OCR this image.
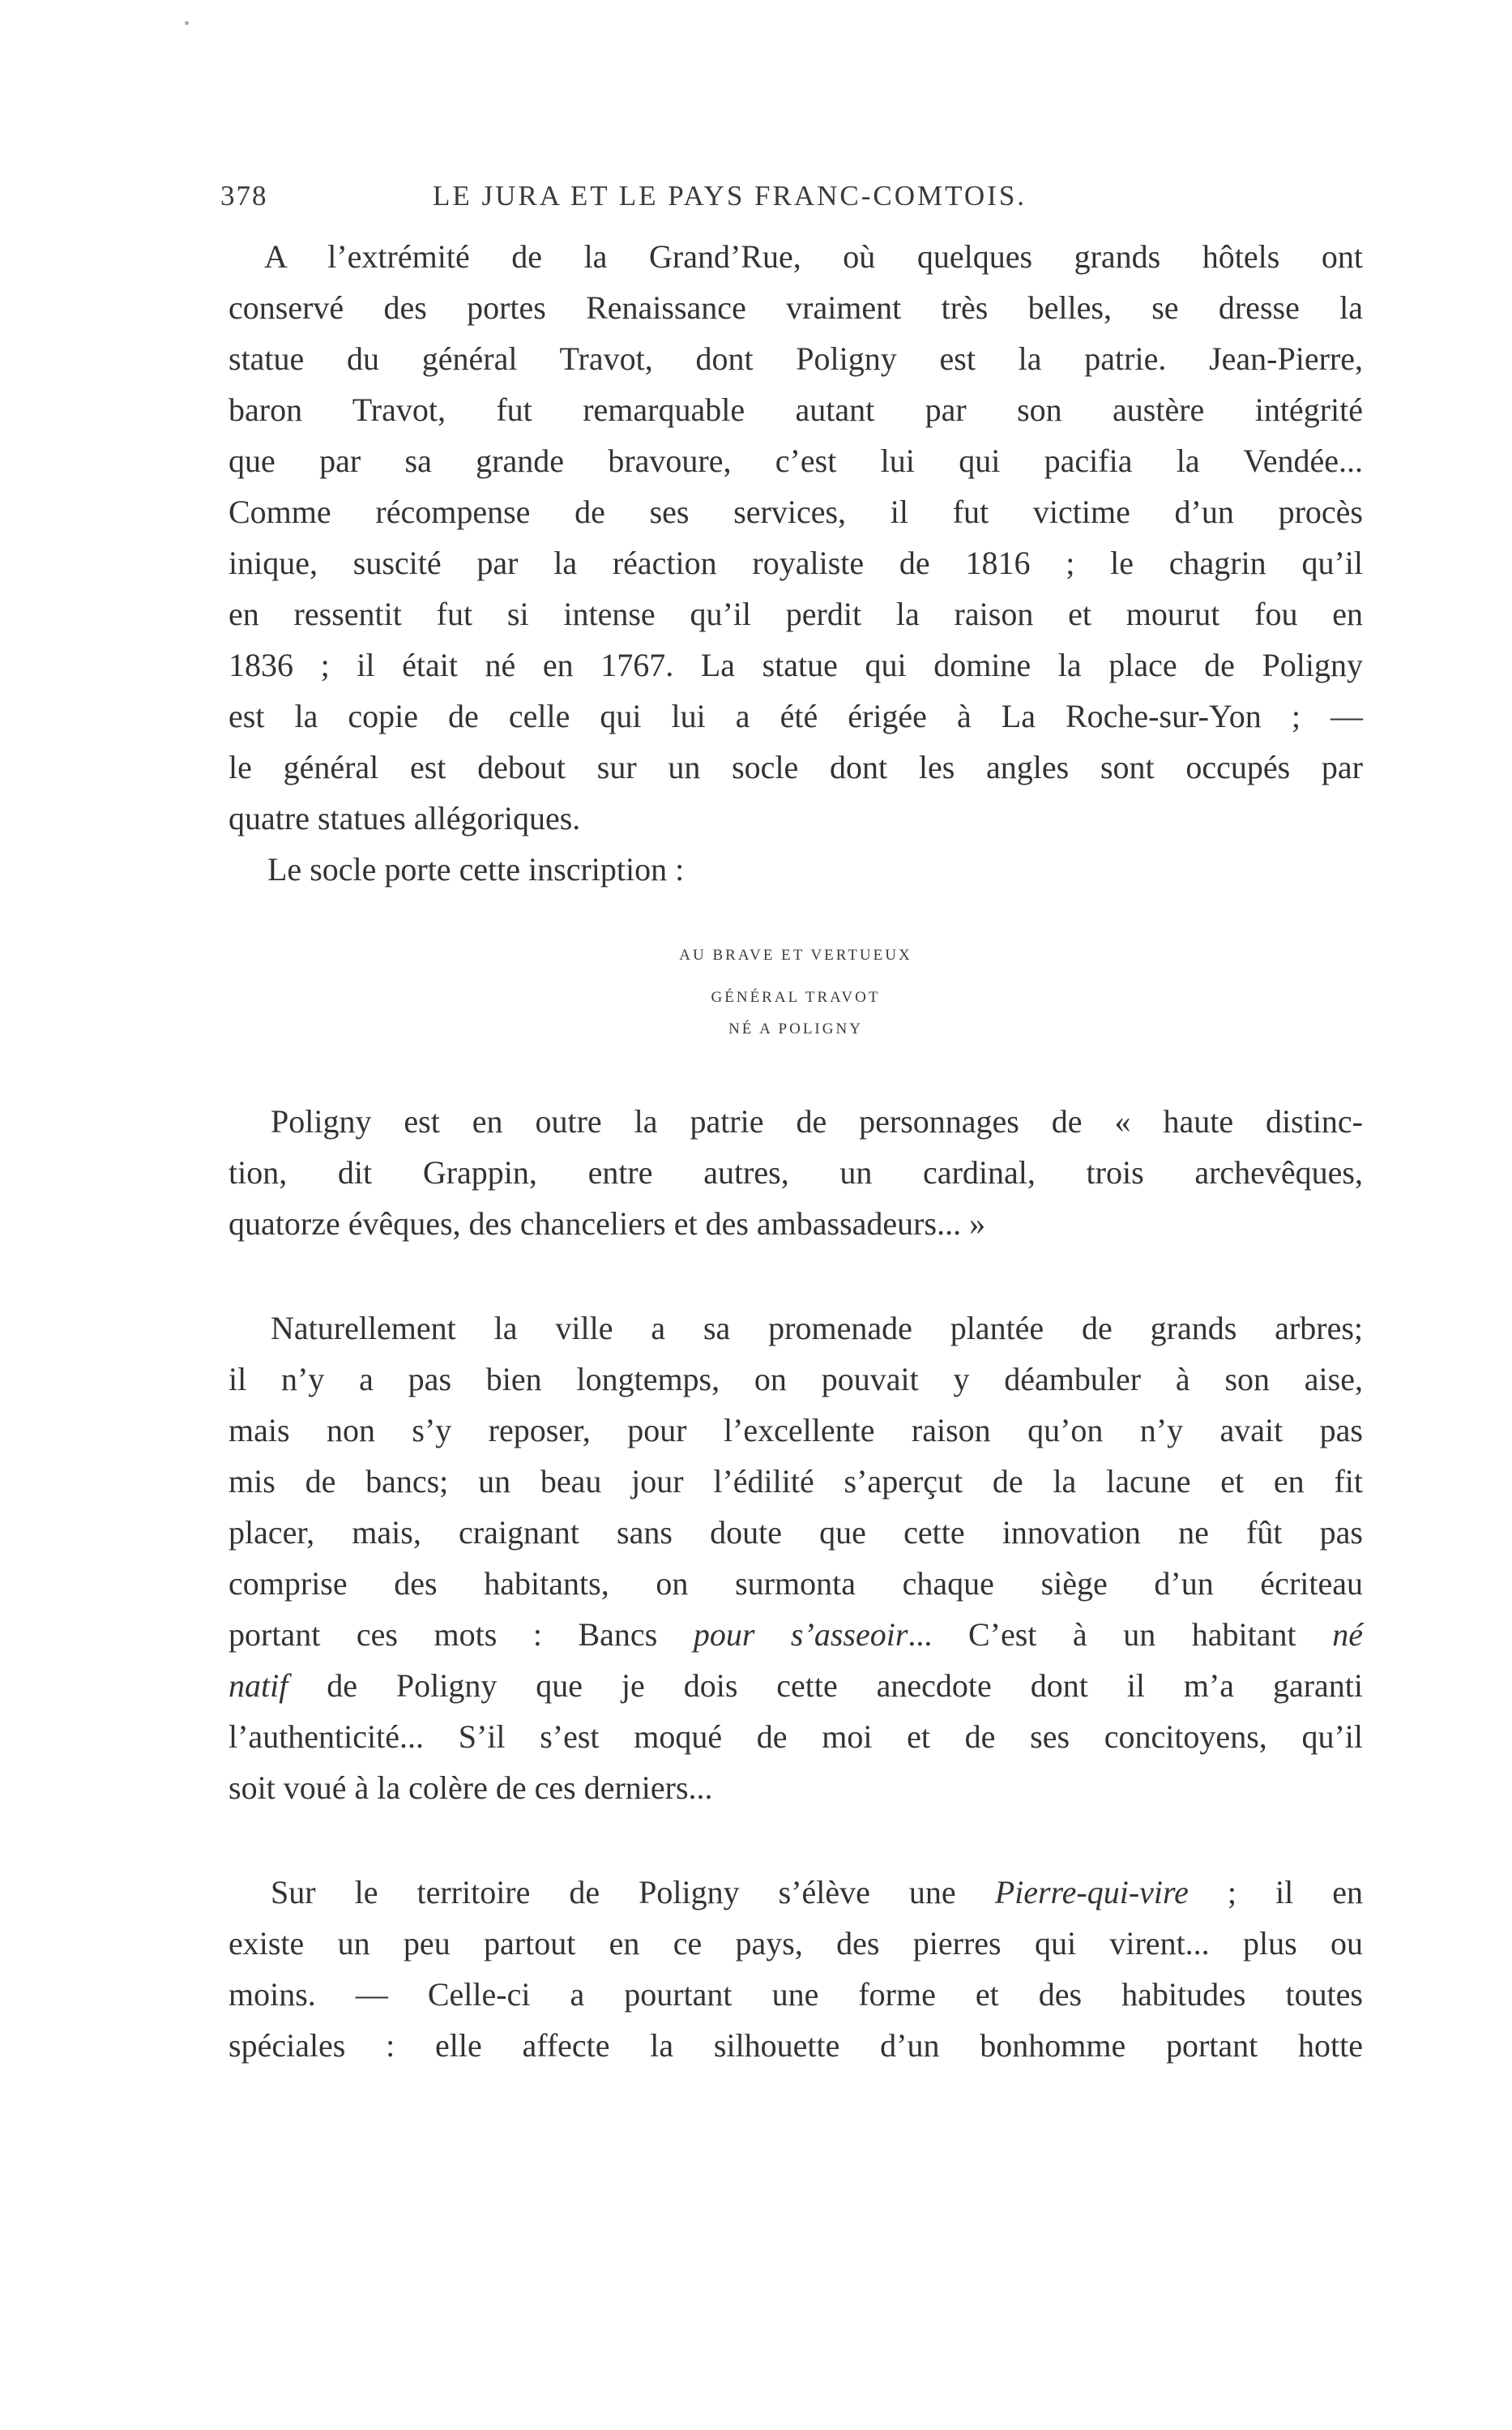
378	LE JURA ET LE PAYS FRANC-COMTOIS.
A l’extrémité de la Grand’Rue, où quelques grands hôtels ont
conservé des portes Renaissance vraiment très belles, se dresse la
statue du général Travot, dont Poligny est la patrie. Jean-Pierre,
baron Travot, fut remarquable autant par son austère intégrité
que par sa grande bravoure, c’est lui qui pacifia la Vendée...
Comme récompense de ses services, il fut victime d’un procès
inique, suscité par la réaction royaliste de 1816 ; le chagrin qu’il
en ressentit fut si intense qu’il perdit la raison et mourut fou en
1836 ; il était né en 1767. La statue qui domine la place de Poligny
est la copie de celle qui lui a été érigée à La Roche-sur-Yon ; —
le général est debout sur un socle dont les angles sont occupés par
quatre statues allégoriques.
Le socle porte cette inscription :
AU BRAVE ET VERTUEUX
GÉNÉRAL TRAVOT
NÉ A POLIGNY
Poligny est en outre la patrie de personnages de « haute distinc-
tion, dit Grappin, entre autres, un cardinal, trois archevêques,
quatorze évêques, des chanceliers et des ambassadeurs... »
Naturellement la ville a sa promenade plantée de grands arbres;
il n’y a pas bien longtemps, on pouvait y déambuler à son aise,
mais non s’y reposer, pour l’excellente raison qu’on n’y avait pas
mis de bancs; un beau jour l’édilité s’aperçut de la lacune et en fit
placer, mais, craignant sans doute que cette innovation ne fût pas
comprise des habitants, on surmonta chaque siège d’un écriteau
portant ces mots : Bancs pour s’asseoir... C’est à un habitant né
natif de Poligny que je dois cette anecdote dont il m’a garanti
l’authenticité... S’il s’est moqué de moi et de ses concitoyens, qu’il
soit voué à la colère de ces derniers...
Sur le territoire de Poligny s’élève une Pierre-qui-vire ; il en
existe un peu partout en ce pays, des pierres qui virent... plus ou
moins. — Celle-ci a pourtant une forme et des habitudes toutes
spéciales : elle affecte la silhouette d’un bonhomme portant hotte
